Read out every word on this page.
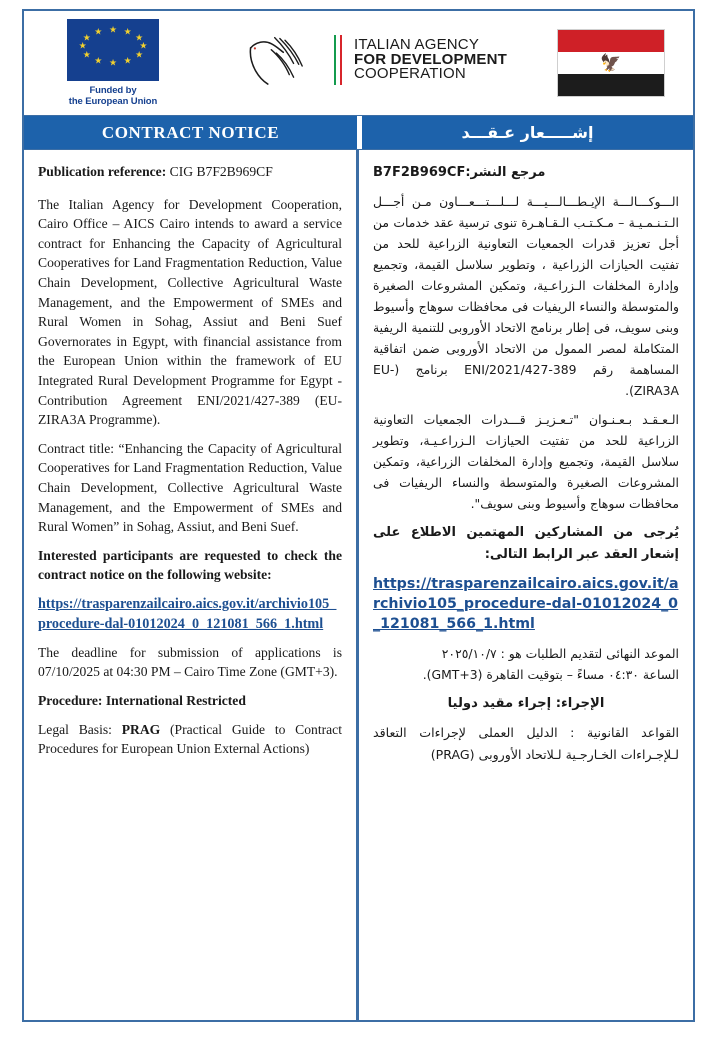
★ ★
★
★
★
★
★
★
★
★
★
★
Funded by
the European Union
ITALIAN AGENCY
FOR DEVELOPMENT
COOPERATION
🦅
CONTRACT NOTICE	إشـــــعار عـقـــد

Publication reference: CIG B7F2B969CF

The Italian Agency for Development Cooperation, Cairo Office – AICS Cairo intends to award a service contract for Enhancing the Capacity of Agricultural Cooperatives for Land Fragmentation Reduction, Value Chain Development, Collective Agricultural Waste Management, and the Empowerment of SMEs and Rural Women in Sohag, Assiut and Beni Suef Governorates in Egypt, with financial assistance from the European Union within the framework of EU Integrated Rural Development Programme for Egypt - Contribution Agreement ENI/2021/427-389 (EU-ZIRA3A Programme).

Contract title: “Enhancing the Capacity of Agricultural Cooperatives for Land Fragmentation Reduction, Value Chain Development, Collective Agricultural Waste Management, and the Empowerment of SMEs and Rural Women” in Sohag, Assiut, and Beni Suef.

Interested participants are requested to check the contract notice on the following website:

https://trasparenzailcairo.aics.gov.it/archivio105_procedure-dal-01012024_0_121081_566_1.html

The deadline for submission of applications is 07/10/2025 at 04:30 PM – Cairo Time Zone (GMT+3).

Procedure: International Restricted

Legal Basis: PRAG (Practical Guide to Contract Procedures for European Union External Actions)

مرجع النشر:B7F2B969CF

الـــوكـــالـــة الإيـطـــالـــيـــة لـــلـــتـــعـــاون مـن أجـــل الـتـنـمـيـة – مـكـتـب الـقـاهـرة تنوى ترسية عقد خدمات من أجل تعزيز قدرات الجمعيات التعاونية الزراعية للحد من تفتيت الحيازات الزراعية ، وتطوير سلاسل القيمة، وتجميع وإدارة المخلفات الـزراعـية، وتمكين المشروعات الصغيرة والمتوسطة والنساء الريفيات فى محافظات سوهاج وأسيوط وبنى سويف، فى إطار برنامج الاتحاد الأوروبى للتنمية الريفية المتكاملة لمصر الممول من الاتحاد الأوروبى ضمن اتفاقية المساهمة رقم ENI/2021/427-389 برنامج (EU-ZIRA3A).

الـعـقـد بـعـنـوان "تـعـزيـز قـــدرات الجمعيات التعاونية الزراعية للحد من تفتيت الحيازات الـزراعـيـة، وتطوير سلاسل القيمة، وتجميع وإدارة المخلفات الزراعية، وتمكين المشروعات الصغيرة والمتوسطة والنساء الريفيات فى محافظات سوهاج وأسيوط وبنى سويف".

يُرجى من المشاركين المهتمين الاطلاع على إشعار العقد عبر الرابط التالى:

https://trasparenzailcairo.aics.gov.it/archivio105_procedure-dal-01012024_0_121081_566_1.html

الموعد النهائى لتقديم الطلبات هو : ٢٠٢٥/١٠/٧
الساعة ٠٤:٣٠ مساءً – بتوقيت القاهرة (GMT+3).

الإجراء: إجراء مقيد دوليا

القواعد القانونية : الدليل العملى لإجراءات التعاقد لـلإجـراءات الخـارجـية لـلاتحاد الأوروبى (PRAG)
